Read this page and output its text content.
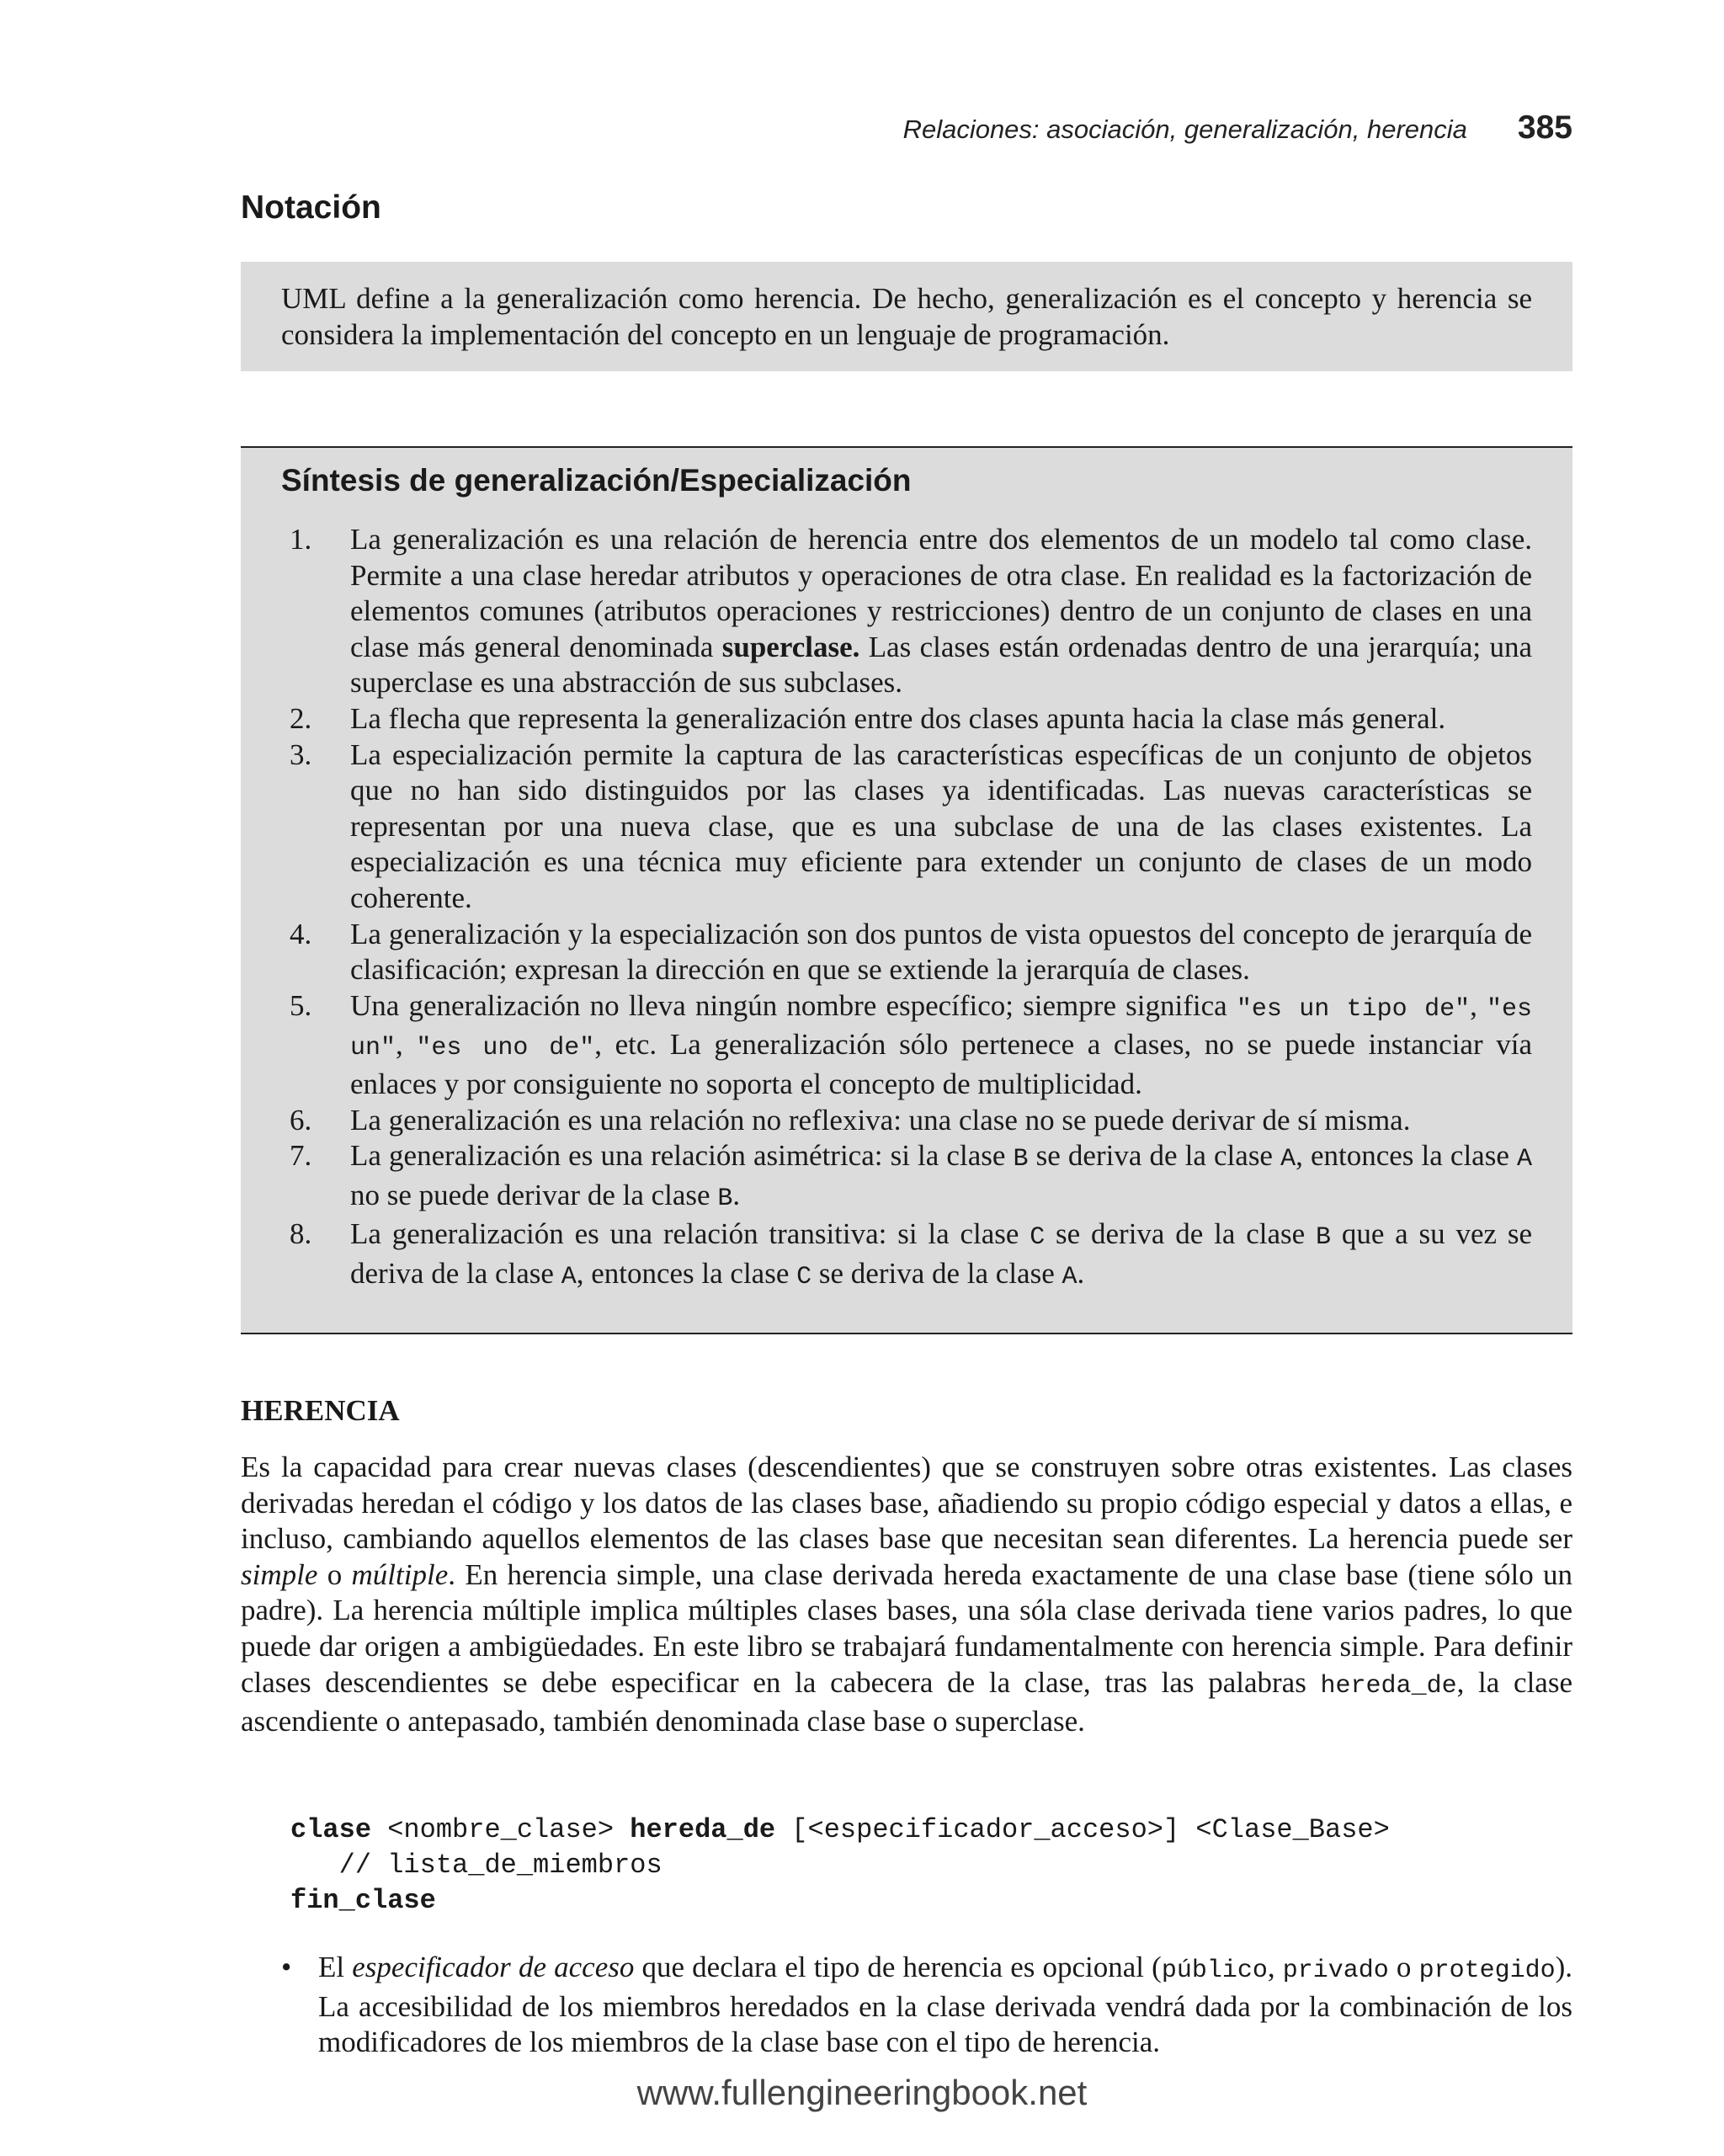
Relaciones: asociación, generalización, herencia 385
Notación
UML define a la generalización como herencia. De hecho, generalización es el concepto y herencia se considera la implementación del concepto en un lenguaje de programación.
Síntesis de generalización/Especialización
1. La generalización es una relación de herencia entre dos elementos de un modelo tal como clase. Permite a una clase heredar atributos y operaciones de otra clase. En realidad es la factorización de elementos comunes (atributos operaciones y restricciones) dentro de un conjunto de clases en una clase más general denominada superclase. Las clases están ordenadas dentro de una jerarquía; una superclase es una abstracción de sus subclases.
2. La flecha que representa la generalización entre dos clases apunta hacia la clase más general.
3. La especialización permite la captura de las características específicas de un conjunto de objetos que no han sido distinguidos por las clases ya identificadas. Las nuevas características se representan por una nueva clase, que es una subclase de una de las clases existentes. La especialización es una técnica muy eficiente para extender un conjunto de clases de un modo coherente.
4. La generalización y la especialización son dos puntos de vista opuestos del concepto de jerarquía de clasificación; expresan la dirección en que se extiende la jerarquía de clases.
5. Una generalización no lleva ningún nombre específico; siempre significa "es un tipo de", "es un", "es uno de", etc. La generalización sólo pertenece a clases, no se puede instanciar vía enlaces y por consiguiente no soporta el concepto de multiplicidad.
6. La generalización es una relación no reflexiva: una clase no se puede derivar de sí misma.
7. La generalización es una relación asimétrica: si la clase B se deriva de la clase A, entonces la clase A no se puede derivar de la clase B.
8. La generalización es una relación transitiva: si la clase C se deriva de la clase B que a su vez se deriva de la clase A, entonces la clase C se deriva de la clase A.
HERENCIA

Es la capacidad para crear nuevas clases (descendientes) que se construyen sobre otras existentes. Las clases derivadas heredan el código y los datos de las clases base, añadiendo su propio código especial y datos a ellas, e incluso, cambiando aquellos elementos de las clases base que necesitan sean diferentes. La herencia puede ser simple o múltiple. En herencia simple, una clase derivada hereda exactamente de una clase base (tiene sólo un padre). La herencia múltiple implica múltiples clases bases, una sóla clase derivada tiene varios padres, lo que puede dar origen a ambigüedades. En este libro se trabajará fundamentalmente con herencia simple. Para definir clases descendientes se debe especificar en la cabecera de la clase, tras las palabras hereda_de, la clase ascendiente o antepasado, también denominada clase base o superclase.

clase <nombre_clase> hereda_de [<especificador_acceso>] <Clase_Base>
// lista_de_miembros
fin_clase
• El especificador de acceso que declara el tipo de herencia es opcional (público, privado o protegido). La accesibilidad de los miembros heredados en la clase derivada vendrá dada por la combinación de los modificadores de los miembros de la clase base con el tipo de herencia.
www.fullengineeringbook.net
